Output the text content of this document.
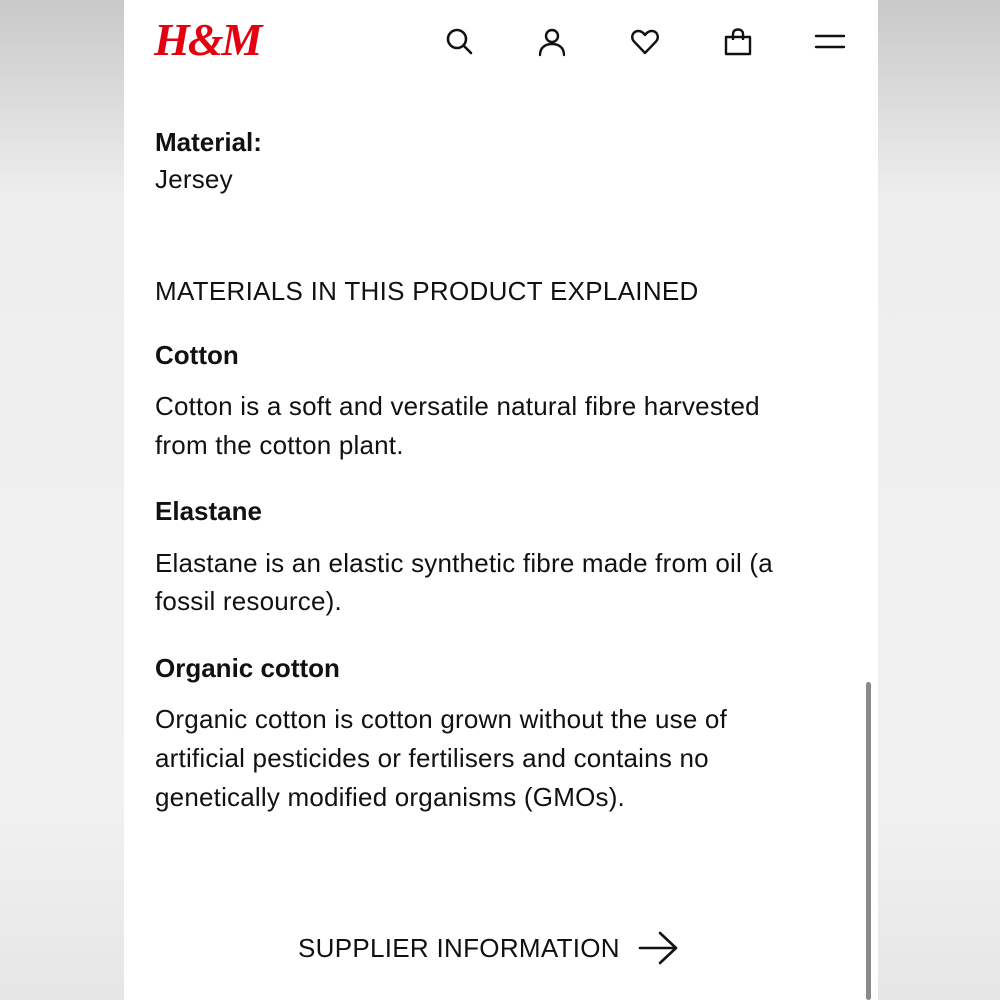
H&M
Material:
Jersey
MATERIALS IN THIS PRODUCT EXPLAINED
Cotton
Cotton is a soft and versatile natural fibre harvested
from the cotton plant.
Elastane
Elastane is an elastic synthetic fibre made from oil (a
fossil resource).
Organic cotton
Organic cotton is cotton grown without the use of
artificial pesticides or fertilisers and contains no
genetically modified organisms (GMOs).
SUPPLIER INFORMATION
